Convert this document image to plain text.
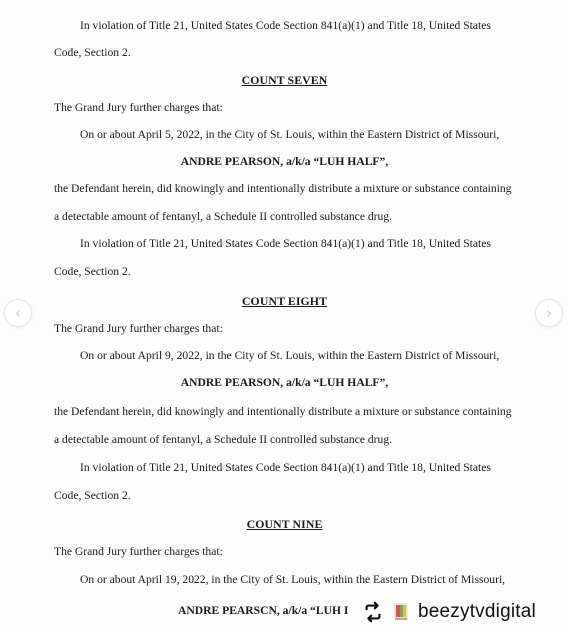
In violation of Title 21, United States Code Section 841(a)(1) and Title 18, United States
Code, Section 2.
COUNT SEVEN
The Grand Jury further charges that:
On or about April 5, 2022, in the City of St. Louis, within the Eastern District of Missouri,
ANDRE PEARSON, a/k/a “LUH HALF”,
the Defendant herein, did knowingly and intentionally distribute a mixture or substance containing
a detectable amount of fentanyl, a Schedule II controlled substance drug.
In violation of Title 21, United States Code Section 841(a)(1) and Title 18, United States
Code, Section 2.
COUNT EIGHT
The Grand Jury further charges that:
On or about April 9, 2022, in the City of St. Louis, within the Eastern District of Missouri,
ANDRE PEARSON, a/k/a “LUH HALF”,
the Defendant herein, did knowingly and intentionally distribute a mixture or substance containing
a detectable amount of fentanyl, a Schedule II controlled substance drug.
In violation of Title 21, United States Code Section 841(a)(1) and Title 18, United States
Code, Section 2.
COUNT NINE
The Grand Jury further charges that:
On or about April 19, 2022, in the City of St. Louis, within the Eastern District of Missouri,
ANDRE PEARSCN, a/k/a “LUH I
‹	›
beezytvdigital
